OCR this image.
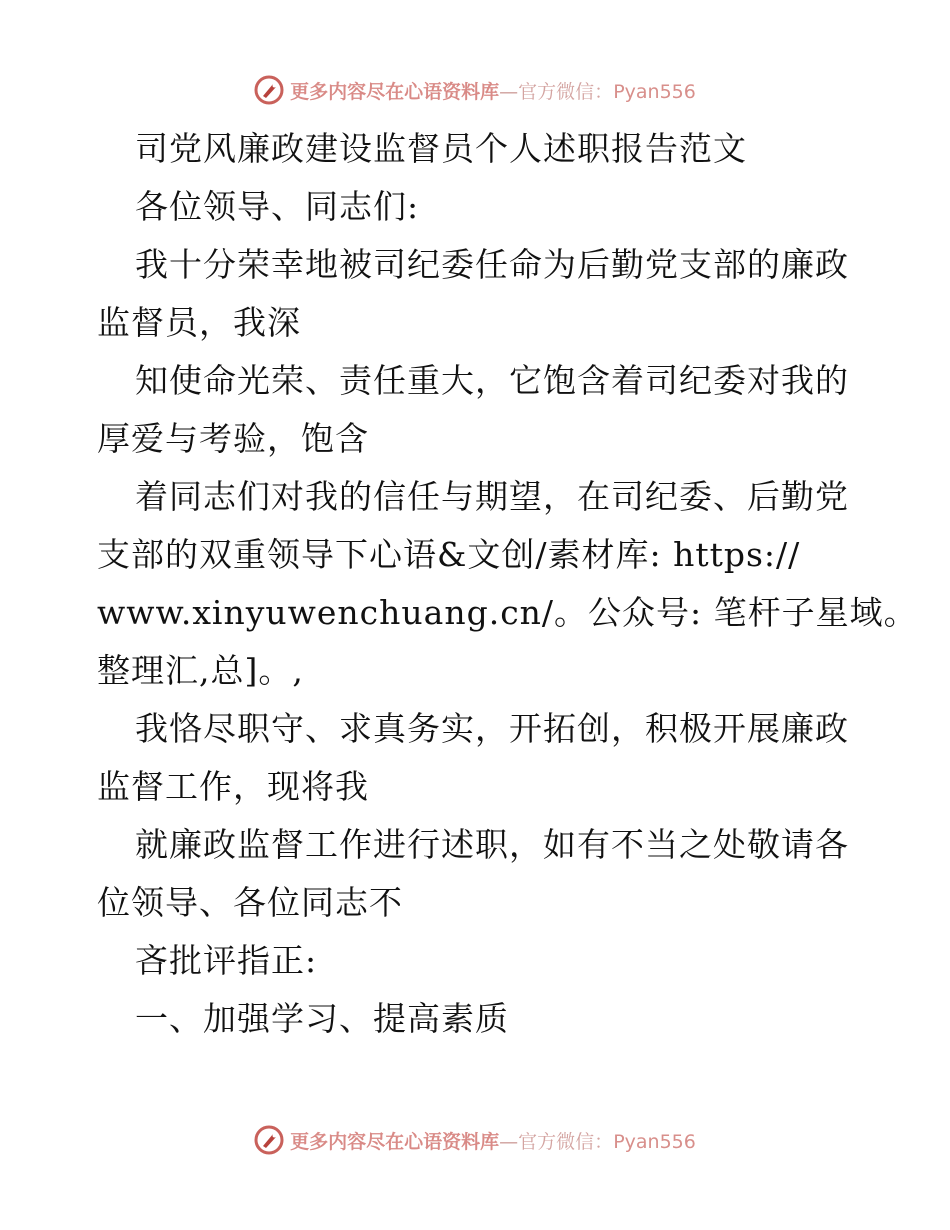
更多内容尽在心语资料库—官方微信：Pyan556
司党风廉政建设监督员个人述职报告范文
各位领导、同志们:
我十分荣幸地被司纪委任命为后勤党支部的廉政
监督员，我深
知使命光荣、责任重大，它饱含着司纪委对我的
厚爱与考验，饱含
着同志们对我的信任与期望，在司纪委、后勤党
支部的双重领导下心语&文创/素材库: https://
www.xinyuwenchuang.cn/。公众号: 笔杆子星域。
整理汇,总]。,
我恪尽职守、求真务实，开拓创，积极开展廉政
监督工作，现将我
就廉政监督工作进行述职，如有不当之处敬请各
位领导、各位同志不
吝批评指正:
一、加强学习、提高素质
更多内容尽在心语资料库—官方微信：Pyan556
